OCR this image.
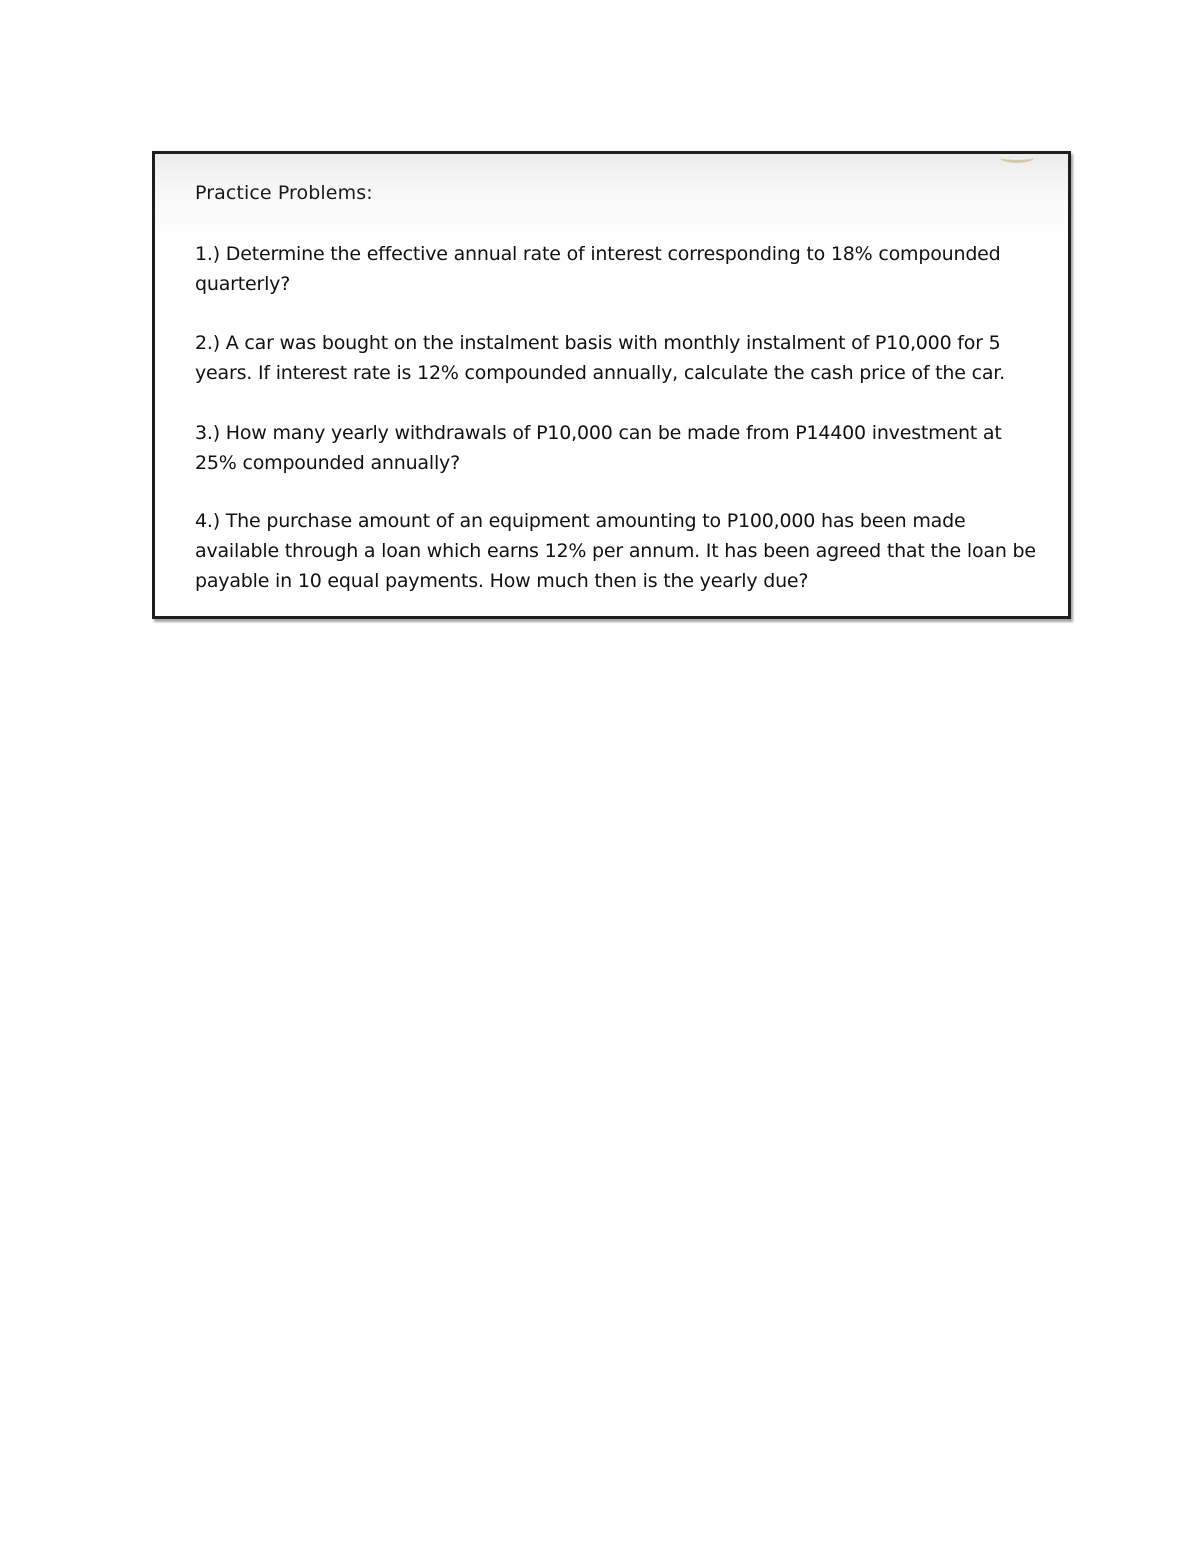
Practice Problems:

1.) Determine the effective annual rate of interest corresponding to 18% compounded quarterly?

2.) A car was bought on the instalment basis with monthly instalment of P10,000 for 5 years. If interest rate is 12% compounded annually, calculate the cash price of the car.

3.) How many yearly withdrawals of P10,000 can be made from P14400 investment at 25% compounded annually?

4.) The purchase amount of an equipment amounting to P100,000 has been made available through a loan which earns 12% per annum. It has been agreed that the loan be payable in 10 equal payments. How much then is the yearly due?
